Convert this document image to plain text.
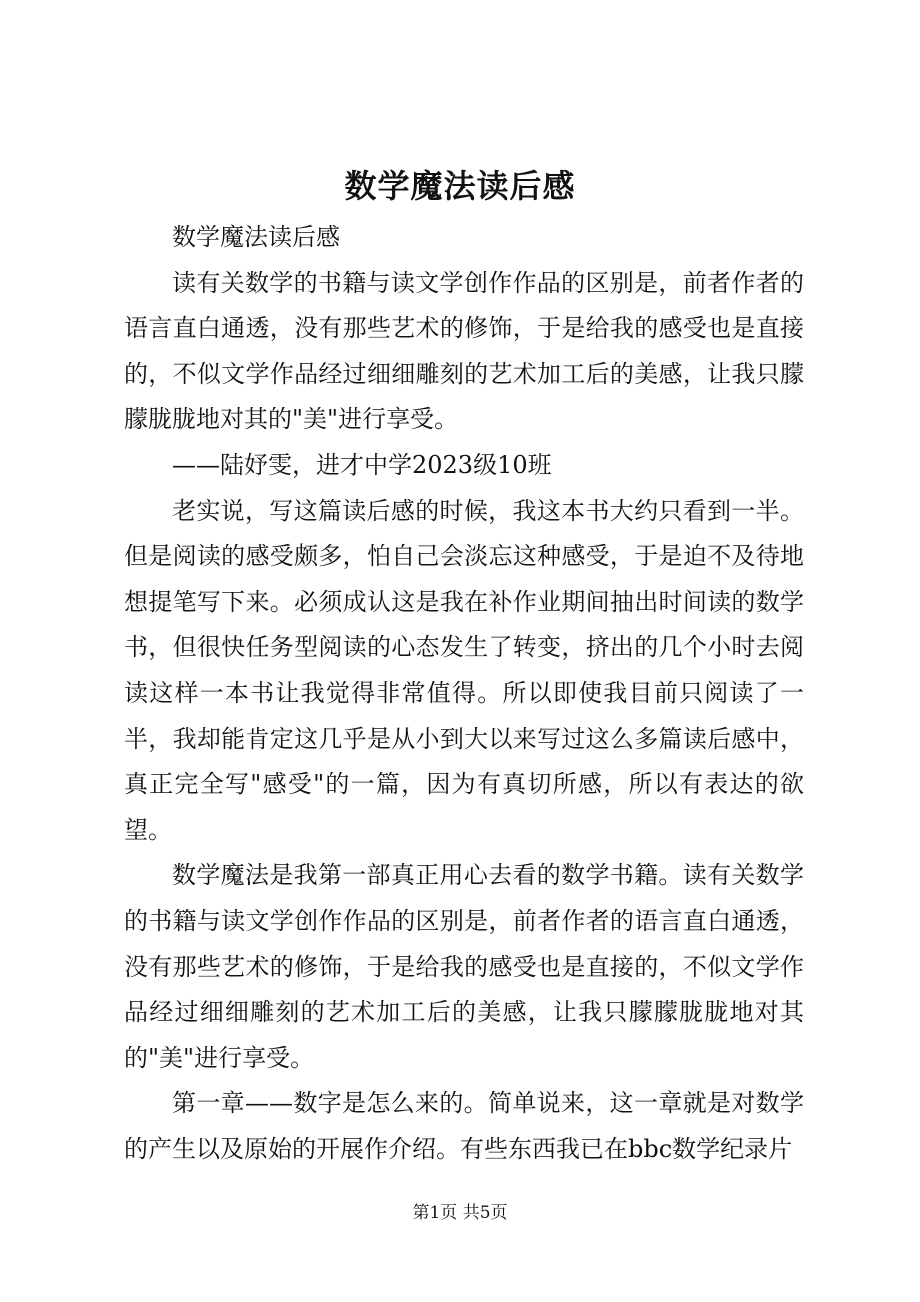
数学魔法读后感

数学魔法读后感

读有关数学的书籍与读文学创作作品的区别是，前者作者的语言直白通透，没有那些艺术的修饰，于是给我的感受也是直接的，不似文学作品经过细细雕刻的艺术加工后的美感，让我只朦朦胧胧地对其的"美"进行享受。

——陆妤雯，进才中学2023级10班

老实说，写这篇读后感的时候，我这本书大约只看到一半。但是阅读的感受颇多，怕自己会淡忘这种感受，于是迫不及待地想提笔写下来。必须成认这是我在补作业期间抽出时间读的数学书，但很快任务型阅读的心态发生了转变，挤出的几个小时去阅读这样一本书让我觉得非常值得。所以即使我目前只阅读了一半，我却能肯定这几乎是从小到大以来写过这么多篇读后感中，真正完全写"感受"的一篇，因为有真切所感，所以有表达的欲望。

数学魔法是我第一部真正用心去看的数学书籍。读有关数学的书籍与读文学创作作品的区别是，前者作者的语言直白通透，没有那些艺术的修饰，于是给我的感受也是直接的，不似文学作品经过细细雕刻的艺术加工后的美感，让我只朦朦胧胧地对其的"美"进行享受。

第一章——数字是怎么来的。简单说来，这一章就是对数学的产生以及原始的开展作介绍。有些东西我已在bbc数学纪录片

第1页 共5页
